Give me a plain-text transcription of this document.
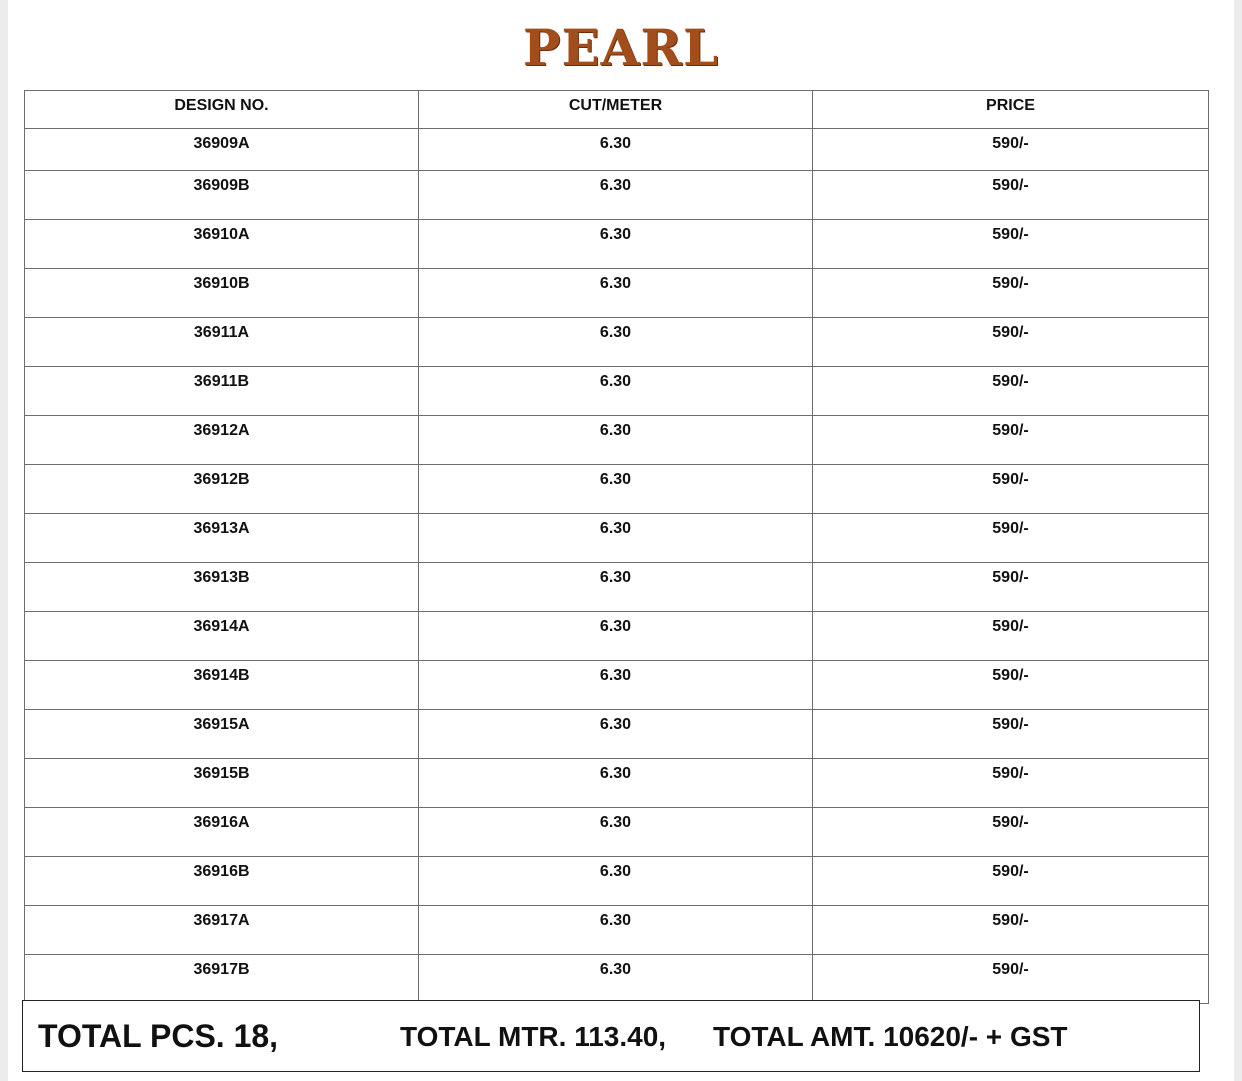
PEARL
DESIGN NO.	CUT/METER	PRICE
36909A	6.30	590/-
36909B	6.30	590/-
36910A	6.30	590/-
36910B	6.30	590/-
36911A	6.30	590/-
36911B	6.30	590/-
36912A	6.30	590/-
36912B	6.30	590/-
36913A	6.30	590/-
36913B	6.30	590/-
36914A	6.30	590/-
36914B	6.30	590/-
36915A	6.30	590/-
36915B	6.30	590/-
36916A	6.30	590/-
36916B	6.30	590/-
36917A	6.30	590/-
36917B	6.30	590/-
TOTAL PCS. 18,	TOTAL MTR. 113.40, TOTAL AMT. 10620/- + GST
